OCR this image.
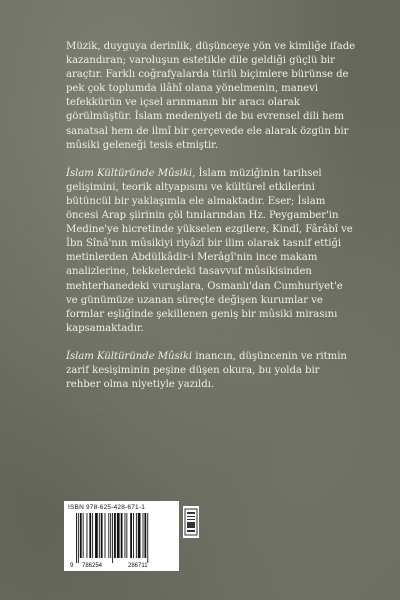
Müzik, duyguya derinlik, düşünceye yön ve kimliğe ifade kazandıran; varoluşun estetikle dile geldiği güçlü bir araçtır. Farklı coğrafyalarda türlü biçimlere bürünse de pek çok toplumda ilâhî olana yönelmenin, manevi tefekkürün ve içsel arınmanın bir aracı olarak görülmüştür. İslam medeniyeti de bu evrensel dili hem sanatsal hem de ilmî bir çerçevede ele alarak özgün bir mûsiki geleneği tesis etmiştir.

İslam Kültüründe Mûsiki, İslam müziğinin tarihsel gelişimini, teorik altyapısını ve kültürel etkilerini bütüncül bir yaklaşımla ele almaktadır. Eser; İslam öncesi Arap şiirinin çöl tınılarından Hz. Peygamber'in Medine'ye hicretinde yükselen ezgilere, Kindî, Fârâbî ve İbn Sînâ'nın mûsikiyi riyâzî bir ilim olarak tasnif ettiği metinlerden Abdülkâdir-i Merâgî'nin ince makam analizlerine, tekkelerdeki tasavvuf mûsikisinden mehterhanedeki vuruşlara, Osmanlı'dan Cumhuriyet'e ve günümüze uzanan süreçte değişen kurumlar ve formlar eşliğinde şekillenen geniş bir mûsiki mirasını kapsamaktadır.

İslam Kültüründe Mûsiki inancın, düşüncenin ve ritmin zarif kesişiminin peşine düşen okura, bu yolda bir rehber olma niyetiyle yazıldı.

ISBN 978-625-428-671-1
9 786254	286711
